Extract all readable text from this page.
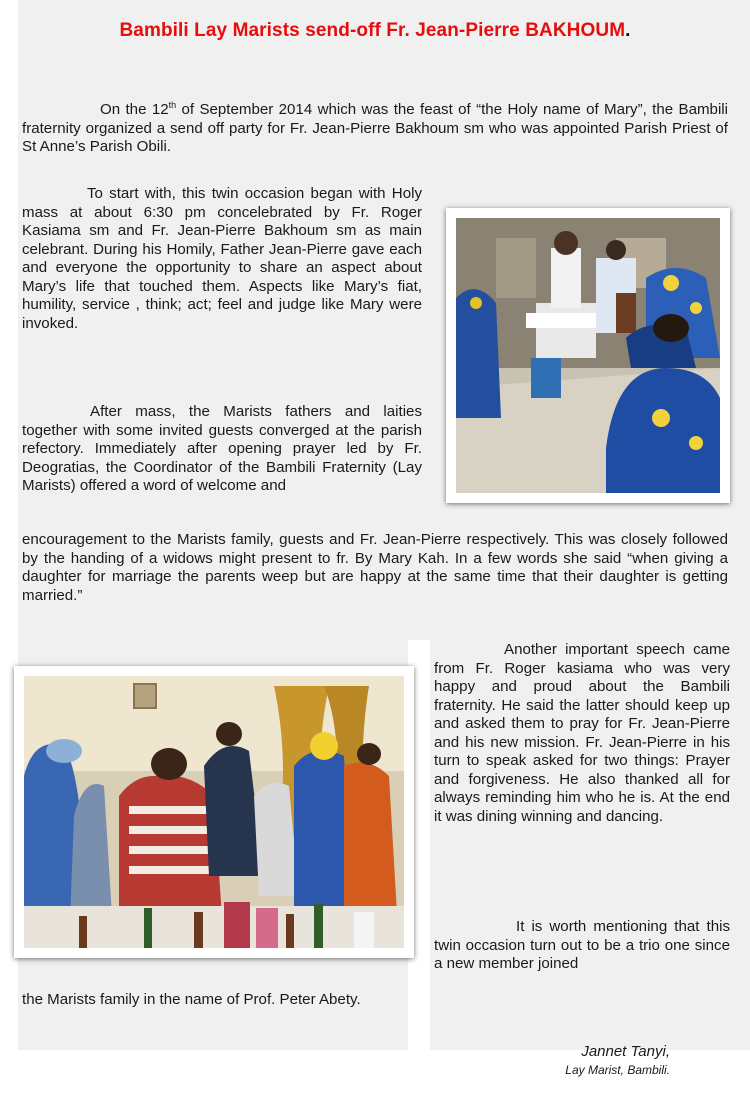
Bambili Lay Marists send-off Fr. Jean-Pierre BAKHOUM.

On the 12th of September 2014 which was the feast of “the Holy name of Mary”, the Bambili fraternity organized a send off party for Fr. Jean-Pierre Bakhoum sm who was appointed Parish Priest of St Anne’s Parish Obili.

To start with, this twin occasion began with Holy mass at about 6:30 pm concelebrated by Fr. Roger Kasiama sm and Fr. Jean-Pierre Bakhoum sm as main celebrant. During his Homily, Father Jean-Pierre gave each and everyone the opportunity to share an aspect about Mary’s life that touched them. Aspects like Mary’s fiat, humility, service , think; act; feel and judge like Mary were invoked.

After mass, the Marists fathers and laities together with some invited guests converged at the parish refectory. Immediately after opening prayer led by Fr. Deogratias, the Coordinator of the Bambili Fraternity (Lay Marists) offered a word of welcome and

encouragement to the Marists family, guests and Fr. Jean-Pierre respectively. This was closely followed by the handing of a widows might present to fr. By Mary Kah. In a few words she said “when giving a daughter for marriage the parents weep but are happy at the same time that their daughter is getting married.”

Another important speech came from Fr. Roger kasiama who was very happy and proud about the Bambili fraternity. He said the latter should keep up and asked them to pray for Fr. Jean-Pierre and his new mission. Fr. Jean-Pierre in his turn to speak asked for two things: Prayer and forgiveness. He also thanked all for always reminding him who he is. At the end it was dining winning and dancing.

It is worth mentioning that this twin occasion turn out to be a trio one since a new member joined

the Marists family in the name of Prof. Peter Abety.

Jannet Tanyi,
Lay Marist, Bambili.
